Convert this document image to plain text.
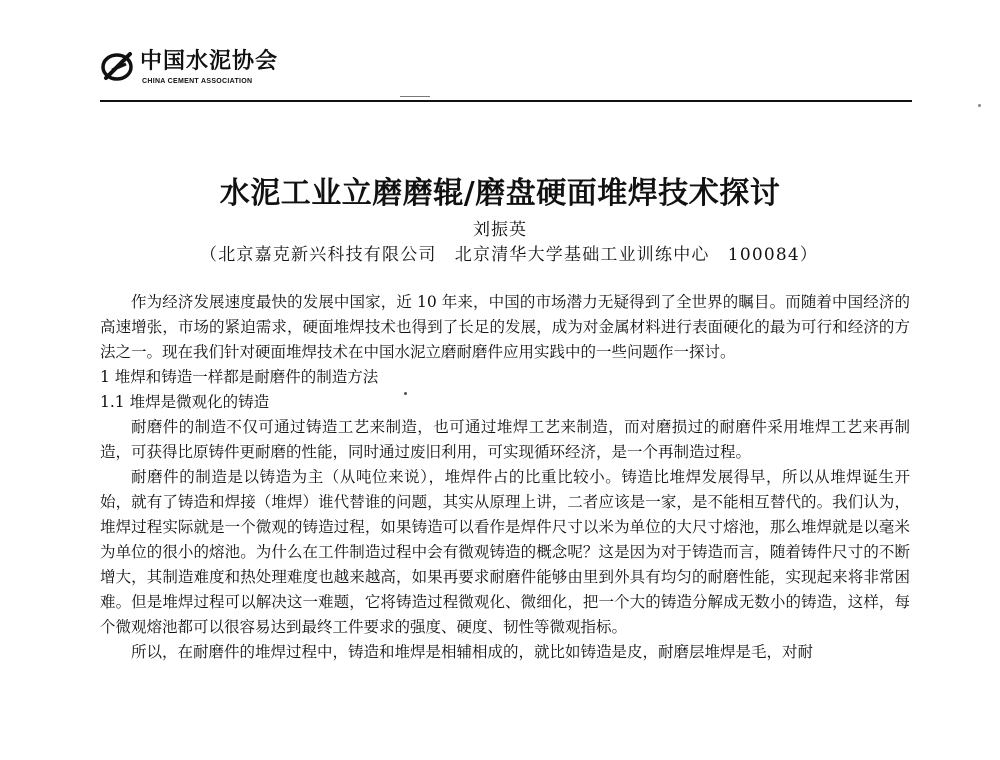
中国水泥协会
CHINA CEMENT ASSOCIATION
水泥工业立磨磨辊/磨盘硬面堆焊技术探讨
刘振英
（北京嘉克新兴科技有限公司　北京清华大学基础工业训练中心　100084）

作为经济发展速度最快的发展中国家，近 10 年来，中国的市场潜力无疑得到了全世界的瞩目。而随着中国经济的高速增张，市场的紧迫需求，硬面堆焊技术也得到了长足的发展，成为对金属材料进行表面硬化的最为可行和经济的方法之一。现在我们针对硬面堆焊技术在中国水泥立磨耐磨件应用实践中的一些问题作一探讨。

1 堆焊和铸造一样都是耐磨件的制造方法

1.1 堆焊是微观化的铸造

耐磨件的制造不仅可通过铸造工艺来制造，也可通过堆焊工艺来制造，而对磨损过的耐磨件采用堆焊工艺来再制造，可获得比原铸件更耐磨的性能，同时通过废旧利用，可实现循环经济，是一个再制造过程。

耐磨件的制造是以铸造为主（从吨位来说），堆焊件占的比重比较小。铸造比堆焊发展得早，所以从堆焊诞生开始，就有了铸造和焊接（堆焊）谁代替谁的问题，其实从原理上讲，二者应该是一家，是不能相互替代的。我们认为，堆焊过程实际就是一个微观的铸造过程，如果铸造可以看作是焊件尺寸以米为单位的大尺寸熔池，那么堆焊就是以毫米为单位的很小的熔池。为什么在工件制造过程中会有微观铸造的概念呢？这是因为对于铸造而言，随着铸件尺寸的不断增大，其制造难度和热处理难度也越来越高，如果再要求耐磨件能够由里到外具有均匀的耐磨性能，实现起来将非常困难。但是堆焊过程可以解决这一难题，它将铸造过程微观化、微细化，把一个大的铸造分解成无数小的铸造，这样，每个微观熔池都可以很容易达到最终工件要求的强度、硬度、韧性等微观指标。

所以，在耐磨件的堆焊过程中，铸造和堆焊是相辅相成的，就比如铸造是皮，耐磨层堆焊是毛，对耐
